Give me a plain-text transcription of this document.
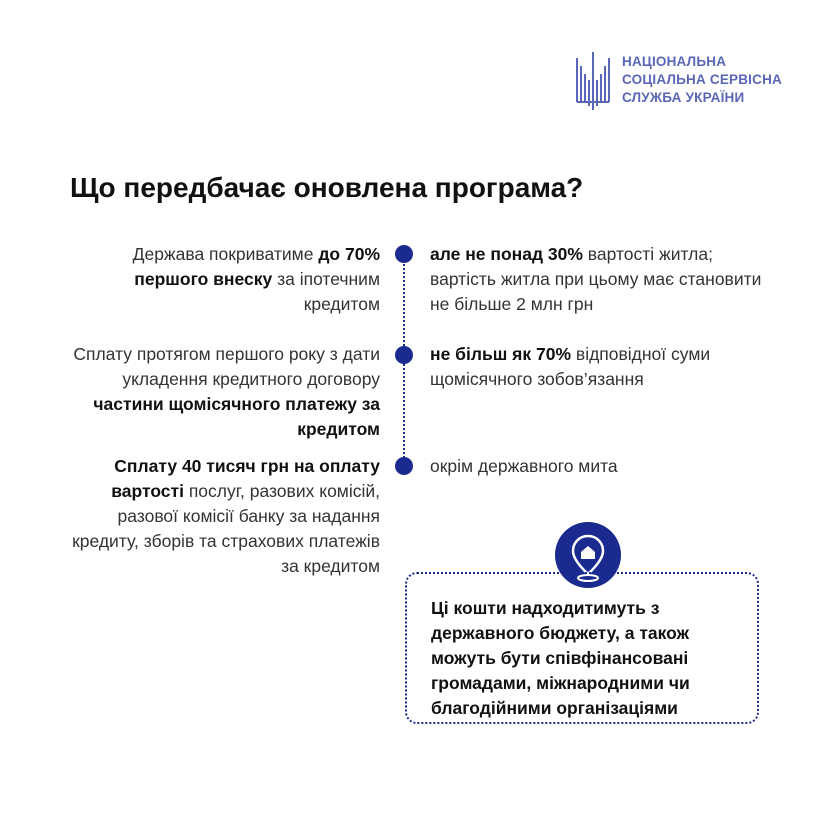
НАЦІОНАЛЬНА
СОЦІАЛЬНА СЕРВІСНА
СЛУЖБА УКРАЇНИ
Що передбачає оновлена програма?
Держава покриватиме до 70% першого внеску за іпотечним кредитом
але не понад 30% вартості житла; вартість житла при цьому має становити не більше 2 млн грн
Сплату протягом першого року з дати укладення кредитного договору частини щомісячного платежу за кредитом
не більш як 70% відповідної суми щомісячного зобов’язання
Сплату 40 тисяч грн на оплату вартості послуг, разових комісій, разової комісії банку за надання кредиту, зборів та страхових платежів за кредитом
окрім державного мита
Ці кошти надходитимуть з державного бюджету, а також можуть бути співфінансовані громадами, міжнародними чи благодійними організаціями
